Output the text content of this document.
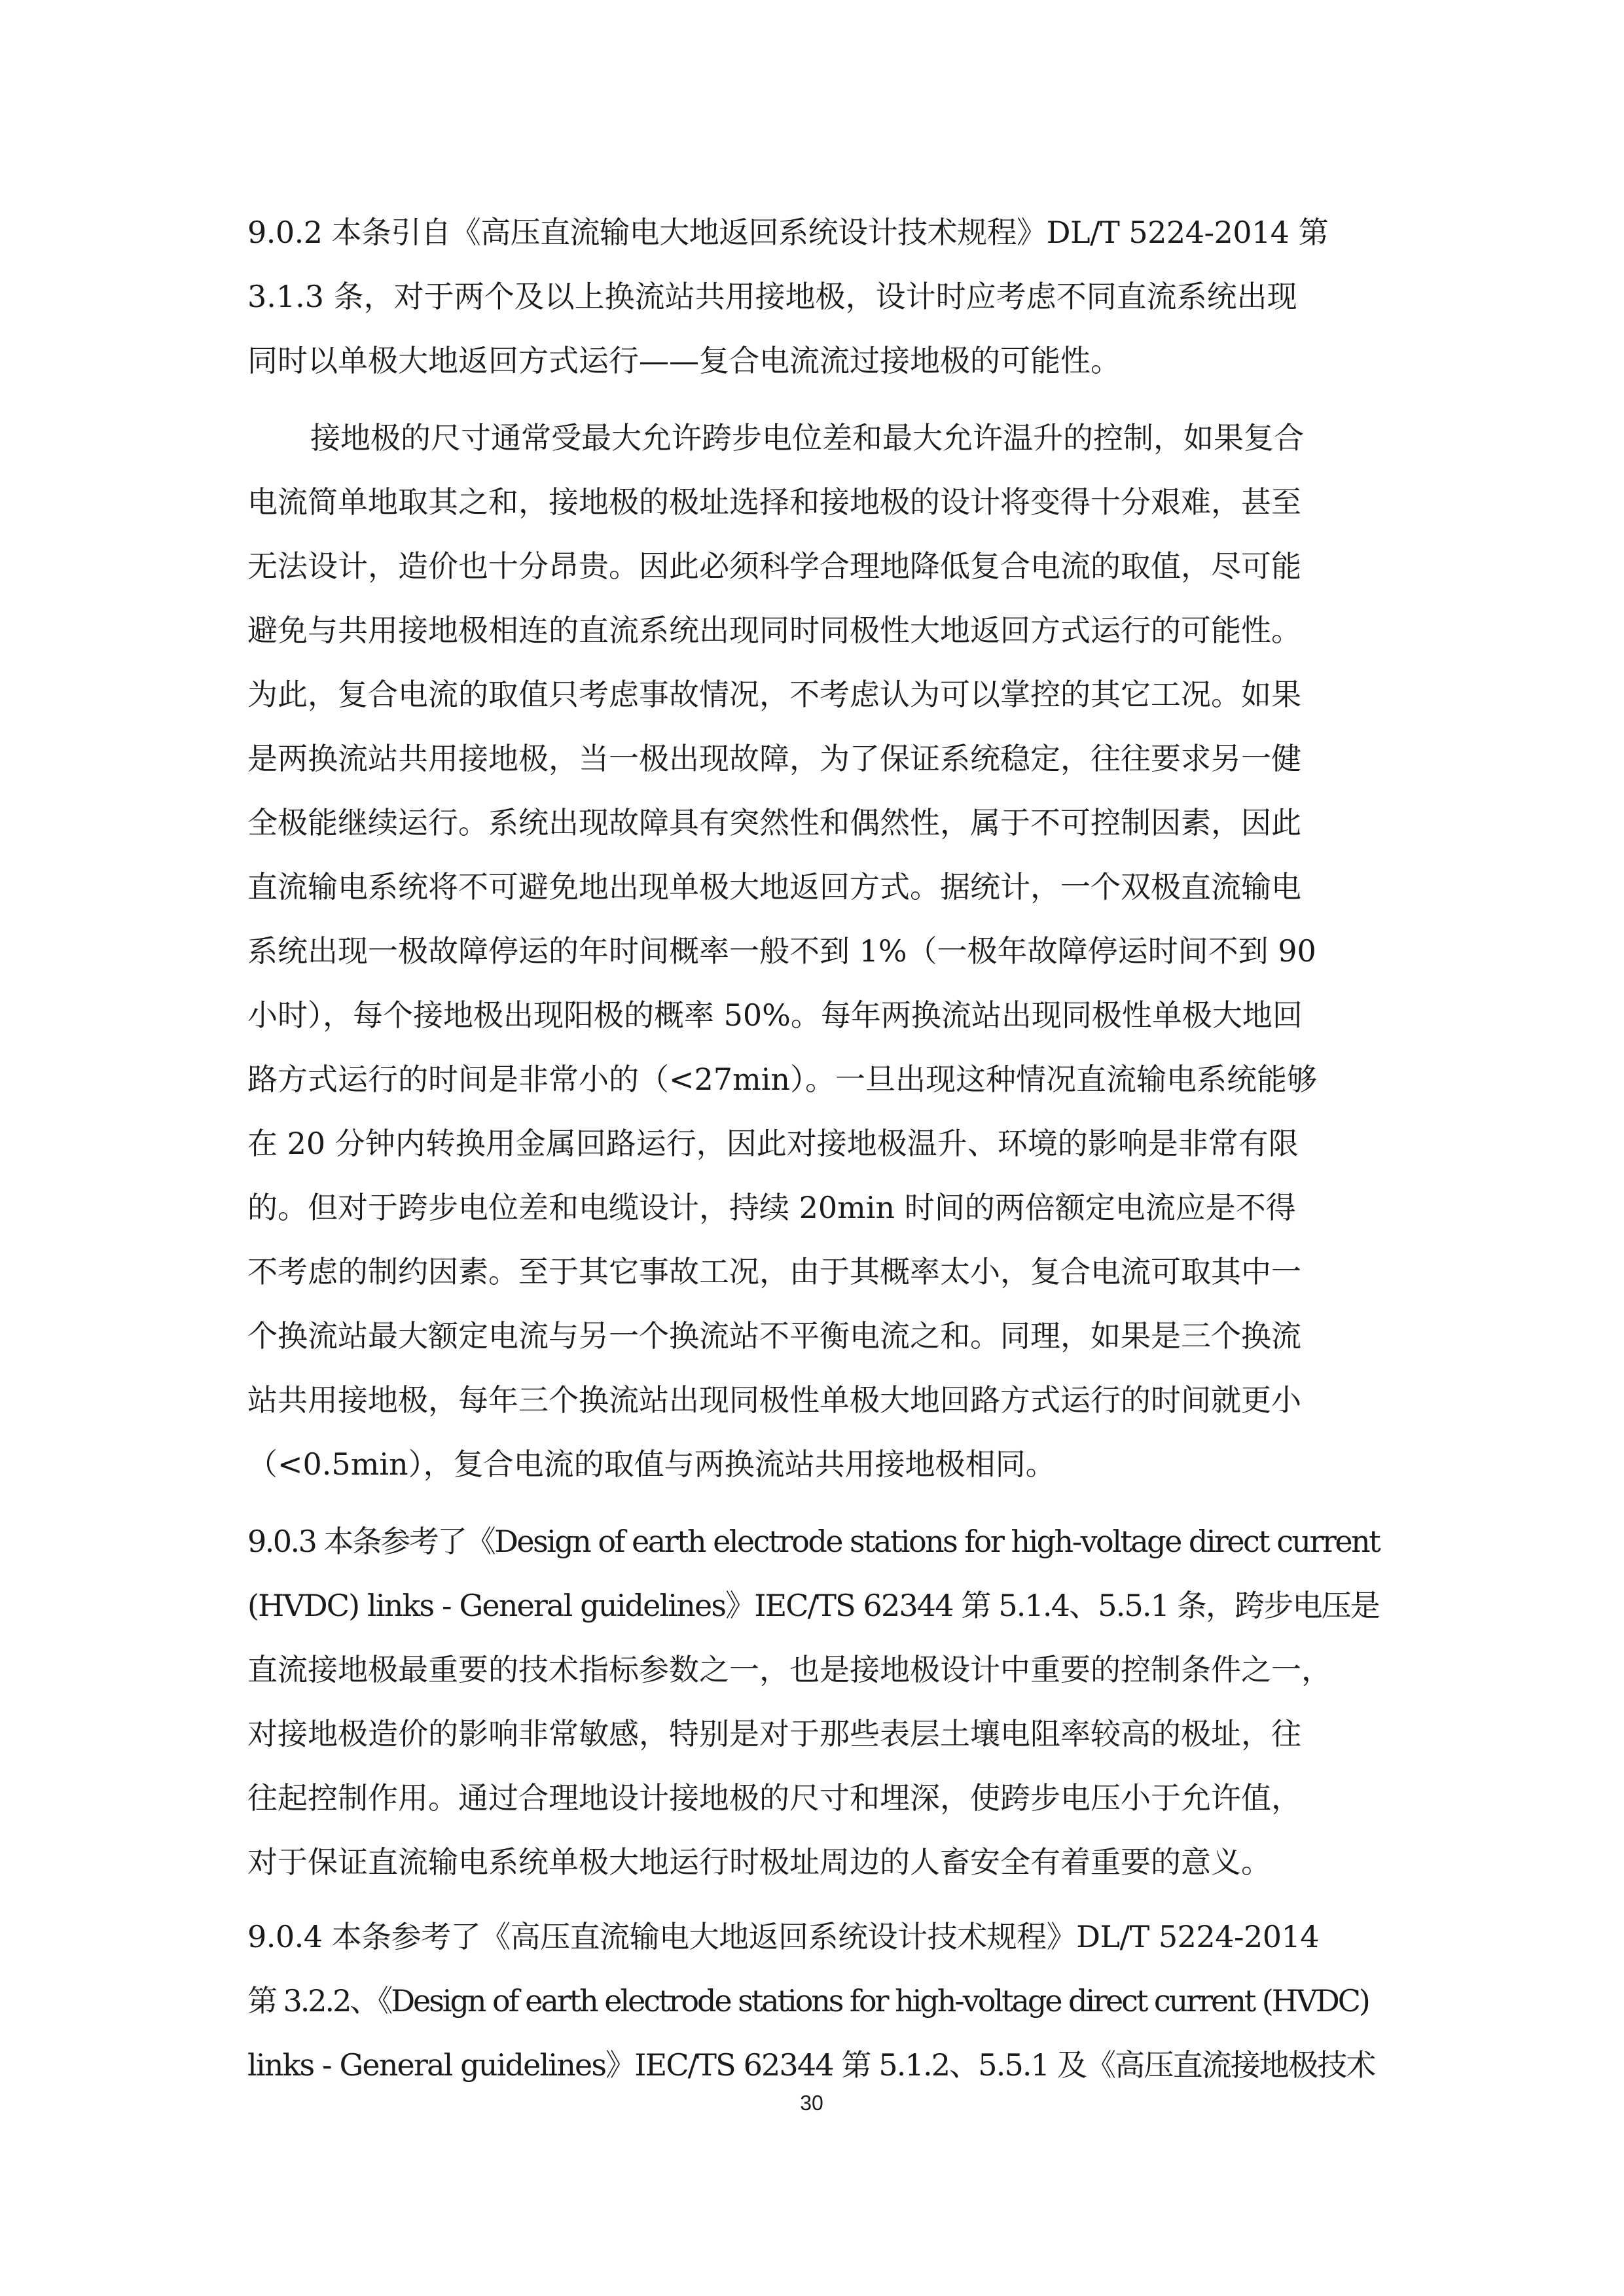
9.0.2 本条引自《高压直流输电大地返回系统设计技术规程》DL/T 5224-2014 第
3.1.3 条，对于两个及以上换流站共用接地极，设计时应考虑不同直流系统出现
同时以单极大地返回方式运行——复合电流流过接地极的可能性。
接地极的尺寸通常受最大允许跨步电位差和最大允许温升的控制，如果复合
电流简单地取其之和，接地极的极址选择和接地极的设计将变得十分艰难，甚至
无法设计，造价也十分昂贵。因此必须科学合理地降低复合电流的取值，尽可能
避免与共用接地极相连的直流系统出现同时同极性大地返回方式运行的可能性。
为此，复合电流的取值只考虑事故情况，不考虑认为可以掌控的其它工况。如果
是两换流站共用接地极，当一极出现故障，为了保证系统稳定，往往要求另一健
全极能继续运行。系统出现故障具有突然性和偶然性，属于不可控制因素，因此
直流输电系统将不可避免地出现单极大地返回方式。据统计，一个双极直流输电
系统出现一极故障停运的年时间概率一般不到 1%（一极年故障停运时间不到 90
小时），每个接地极出现阳极的概率 50%。每年两换流站出现同极性单极大地回
路方式运行的时间是非常小的（<27min）。一旦出现这种情况直流输电系统能够
在 20 分钟内转换用金属回路运行，因此对接地极温升、环境的影响是非常有限
的。但对于跨步电位差和电缆设计，持续 20min 时间的两倍额定电流应是不得
不考虑的制约因素。至于其它事故工况，由于其概率太小，复合电流可取其中一
个换流站最大额定电流与另一个换流站不平衡电流之和。同理，如果是三个换流
站共用接地极，每年三个换流站出现同极性单极大地回路方式运行的时间就更小
（<0.5min），复合电流的取值与两换流站共用接地极相同。
9.0.3 本条参考了《Design of earth electrode stations for high-voltage direct current
(HVDC) links - General guidelines》IEC/TS 62344 第 5.1.4、5.5.1 条，跨步电压是
直流接地极最重要的技术指标参数之一，也是接地极设计中重要的控制条件之一，
对接地极造价的影响非常敏感，特别是对于那些表层土壤电阻率较高的极址，往
往起控制作用。通过合理地设计接地极的尺寸和埋深，使跨步电压小于允许值，
对于保证直流输电系统单极大地运行时极址周边的人畜安全有着重要的意义。
9.0.4 本条参考了《高压直流输电大地返回系统设计技术规程》DL/T 5224-2014
第 3.2.2、《Design of earth electrode stations for high-voltage direct current (HVDC)
links - General guidelines》IEC/TS 62344 第 5.1.2、5.5.1 及《高压直流接地极技术
30
